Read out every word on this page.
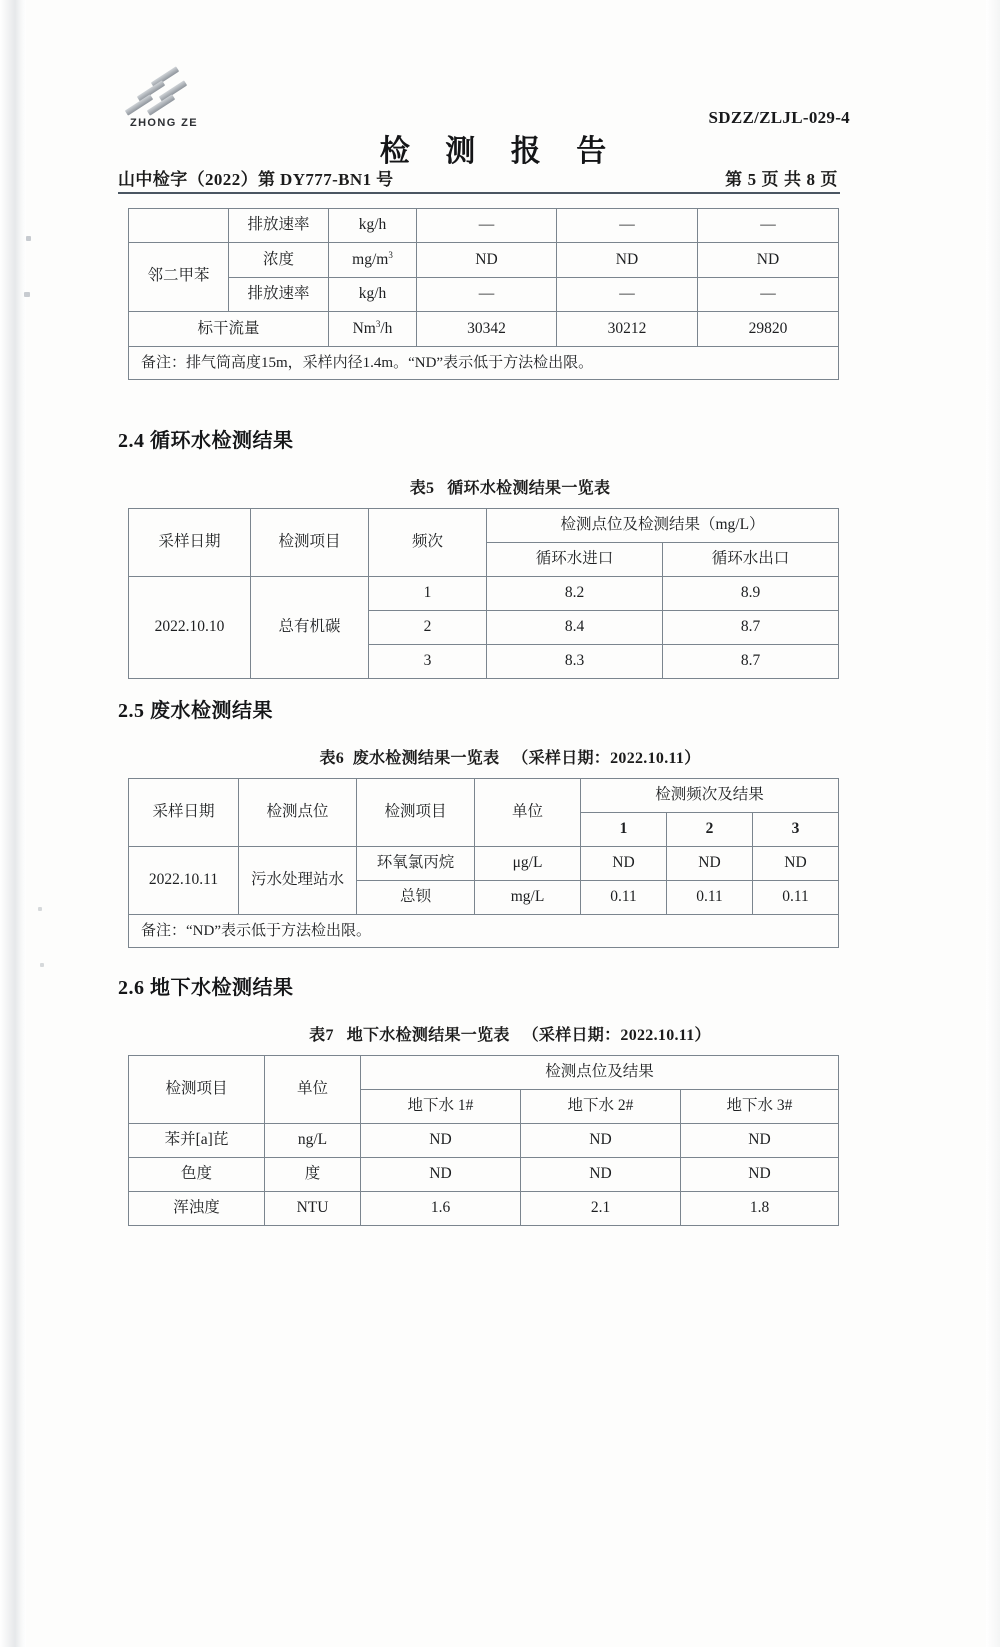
ZHONG ZE	SDZZ/ZLJL-029-4
检 测 报 告
山中检字（2022）第 DY777-BN1 号	第 5 页 共 8 页
	排放速率	kg/h	—	—	—
邻二甲苯	浓度	$mg/m^3$	ND	ND	ND
	排放速率	kg/h	—	—	—
标干流量		Nm$^3$/h	30342	30212	29820
备注：排气筒高度15m，采样内径1.4m。“ND”表示低于方法检出限。					
2.4 循环水检测结果
表5 循环水检测结果一览表
采样日期	检测项目	频次	检测点位及检测结果（mg/L）	
			循环水进口	循环水出口
2022.10.10	总有机碳	1	8.2	8.9
		2	8.4	8.7
		3	8.3	8.7
2.5 废水检测结果
表6 废水检测结果一览表 （采样日期：2022.10.11）
采样日期	检测点位	检测项目	单位	检测频次及结果		
				1	2	3
2022.10.11	污水处理站水	环氧氯丙烷	μg/L	ND	ND	ND
		总钡	mg/L	0.11	0.11	0.11
备注：“ND”表示低于方法检出限。						
2.6 地下水检测结果
表7 地下水检测结果一览表 （采样日期：2022.10.11）
检测项目	单位	检测点位及结果		
		地下水 1#	地下水 2#	地下水 3#
苯并[a]芘	ng/L	ND	ND	ND
色度	度	ND	ND	ND
浑浊度	NTU	1.6	2.1	1.8
